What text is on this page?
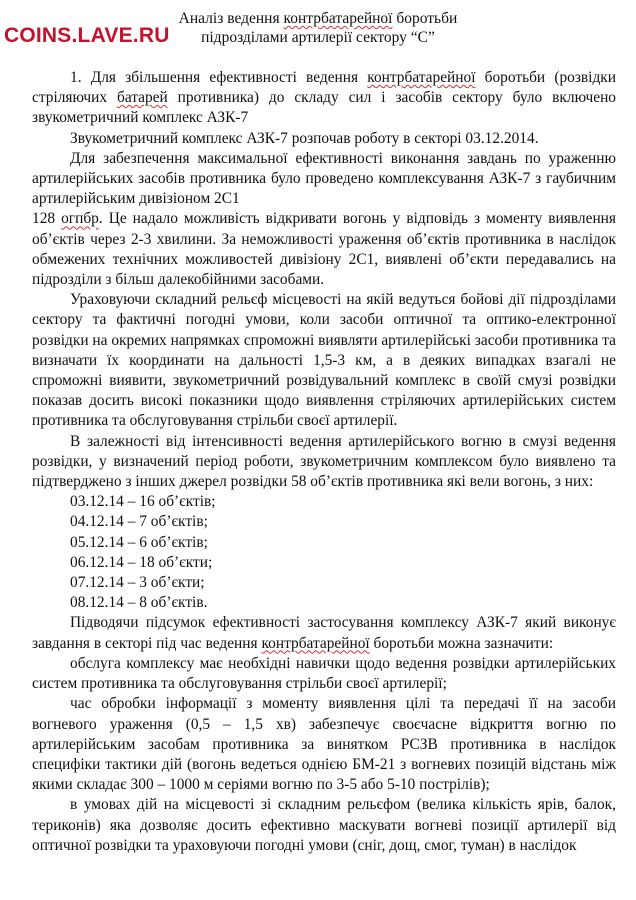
COINS.LAVE.RU
Аналіз ведення контрбатарейної боротьби
підрозділами артилерії сектору “С”

1. Для збільшення ефективності ведення контрбатарейної боротьби (розвідки стріляючих батарей противника) до складу сил і засобів сектору було включено звукометричний комплекс АЗК-7

Звукометричний комплекс АЗК-7 розпочав роботу в секторі 03.12.2014.

Для забезпечення максимальної ефективності виконання завдань по ураженню артилерійських засобів противника було проведено комплексування АЗК-7 з гаубичним артилерійським дивізіоном 2С1

128 огпбр. Це надало можливість відкривати вогонь у відповідь з моменту виявлення об’єктів через 2-3 хвилини. За неможливості ураження об’єктів противника в наслідок обмежених технічних можливостей дивізіону 2С1, виявлені об’єкти передавались на підрозділи з більш далекобійними засобами.

Ураховуючи складний рельєф місцевості на якій ведуться бойові дії підрозділами сектору та фактичні погодні умови, коли засоби оптичної та оптико-електронної розвідки на окремих напрямках спроможні виявляти артилерійські засоби противника та визначати їх координати на дальності 1,5-3 км, а в деяких випадках взагалі не спроможні виявити, звукометричний розвідувальний комплекс в своїй смузі розвідки показав досить високі показники щодо виявлення стріляючих артилерійських систем противника та обслуговування стрільби своєї артилерії.

В залежності від інтенсивності ведення артилерійського вогню в смузі ведення розвідки, у визначений період роботи, звукометричним комплексом було виявлено та підтверджено з інших джерел розвідки 58 об’єктів противника які вели вогонь, з них:

03.12.14 – 16 об’єктів;

04.12.14 – 7 об’єктів;

05.12.14 – 6 об’єктів;

06.12.14 – 18 об’єкти;

07.12.14 – 3 об’єкти;

08.12.14 – 8 об’єктів.

Підводячи підсумок ефективності застосування комплексу АЗК-7 який виконує завдання в секторі під час ведення контрбатарейної боротьби можна зазначити:

обслуга комплексу має необхідні навички щодо ведення розвідки артилерійських систем противника та обслуговування стрільби своєї артилерії;

час обробки інформації з моменту виявлення цілі та передачі її на засоби вогневого ураження (0,5 – 1,5 хв) забезпечує своєчасне відкриття вогню по артилерійським засобам противника за винятком РСЗВ противника в наслідок специфіки тактики дій (вогонь ведеться однією БМ-21 з вогневих позицій відстань між якими складає 300 – 1000 м серіями вогню по 3-5 або 5-10 пострілів);

в умовах дій на місцевості зі складним рельєфом (велика кількість ярів, балок, териконів) яка дозволяє досить ефективно маскувати вогневі позиції артилерії від оптичної розвідки та ураховуючи погодні умови (сніг, дощ, смог, туман) в наслідок
